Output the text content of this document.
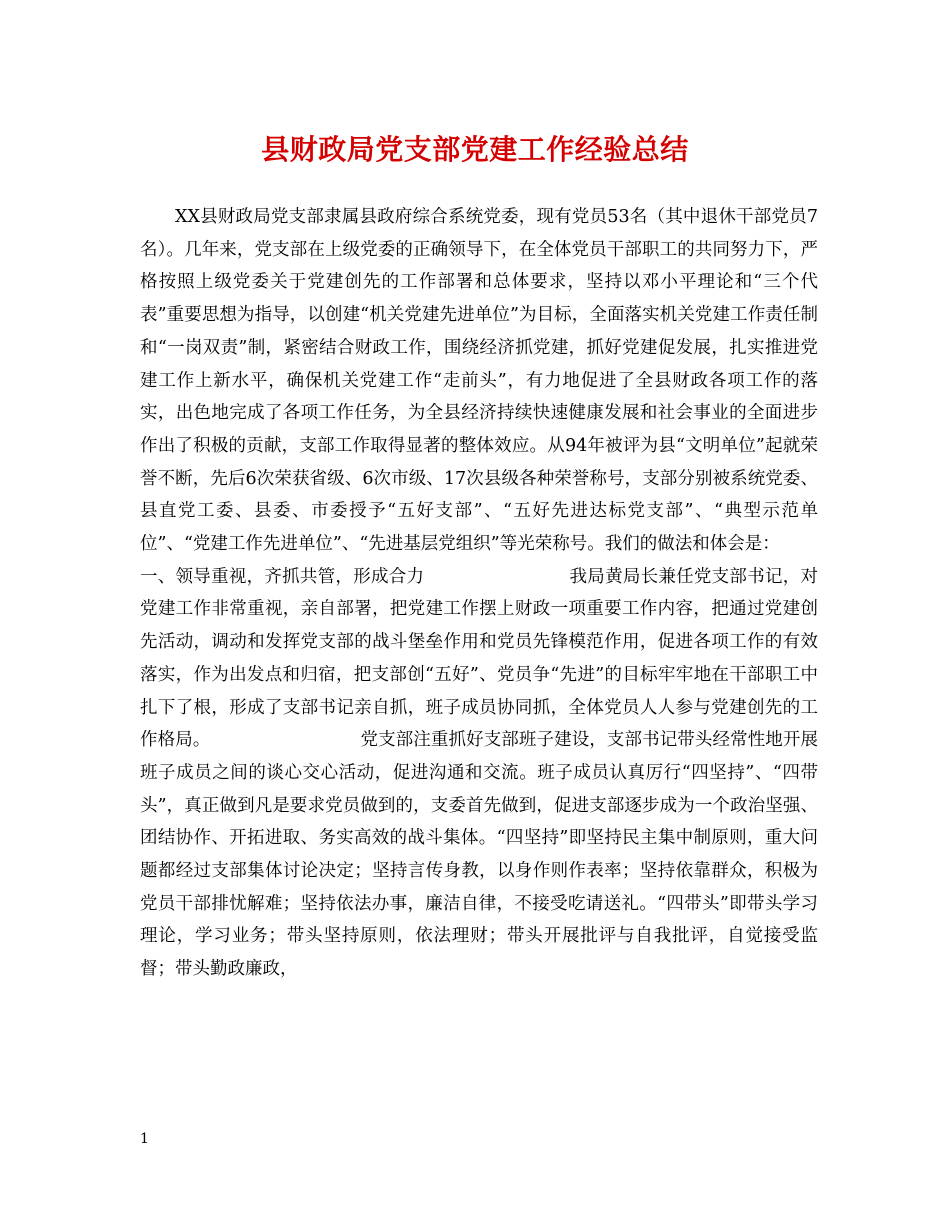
县财政局党支部党建工作经验总结

XX县财政局党支部隶属县政府综合系统党委，现有党员53名（其中退休干部党员7名）。几年来，党支部在上级党委的正确领导下，在全体党员干部职工的共同努力下，严格按照上级党委关于党建创先的工作部署和总体要求，坚持以邓小平理论和“三个代表”重要思想为指导，以创建“机关党建先进单位”为目标，全面落实机关党建工作责任制和“一岗双责”制，紧密结合财政工作，围绕经济抓党建，抓好党建促发展，扎实推进党建工作上新水平，确保机关党建工作“走前头”，有力地促进了全县财政各项工作的落实，出色地完成了各项工作任务，为全县经济持续快速健康发展和社会事业的全面进步作出了积极的贡献，支部工作取得显著的整体效应。从94年被评为县“文明单位”起就荣誉不断，先后6次荣获省级、6次市级、17次县级各种荣誉称号，支部分别被系统党委、县直党工委、县委、市委授予“五好支部”、“五好先进达标党支部”、“典型示范单位”、“党建工作先进单位”、“先进基层党组织”等光荣称号。我们的做法和体会是：

一、领导重视，齐抓共管，形成合力	我局黄局长兼任党支部书记，对党建工作非常重视，亲自部署，把党建工作摆上财政一项重要工作内容，把通过党建创先活动，调动和发挥党支部的战斗堡垒作用和党员先锋模范作用，促进各项工作的有效落实，作为出发点和归宿，把支部创“五好”、党员争“先进”的目标牢牢地在干部职工中扎下了根，形成了支部书记亲自抓，班子成员协同抓，全体党员人人参与党建创先的工作格局。	党支部注重抓好支部班子建设，支部书记带头经常性地开展班子成员之间的谈心交心活动，促进沟通和交流。班子成员认真厉行“四坚持”、“四带头”，真正做到凡是要求党员做到的，支委首先做到，促进支部逐步成为一个政治坚强、团结协作、开拓进取、务实高效的战斗集体。“四坚持”即坚持民主集中制原则，重大问题都经过支部集体讨论决定；坚持言传身教，以身作则作表率；坚持依靠群众，积极为党员干部排忧解难；坚持依法办事，廉洁自律，不接受吃请送礼。“四带头”即带头学习理论，学习业务；带头坚持原则，依法理财；带头开展批评与自我批评，自觉接受监督；带头勤政廉政，

1
